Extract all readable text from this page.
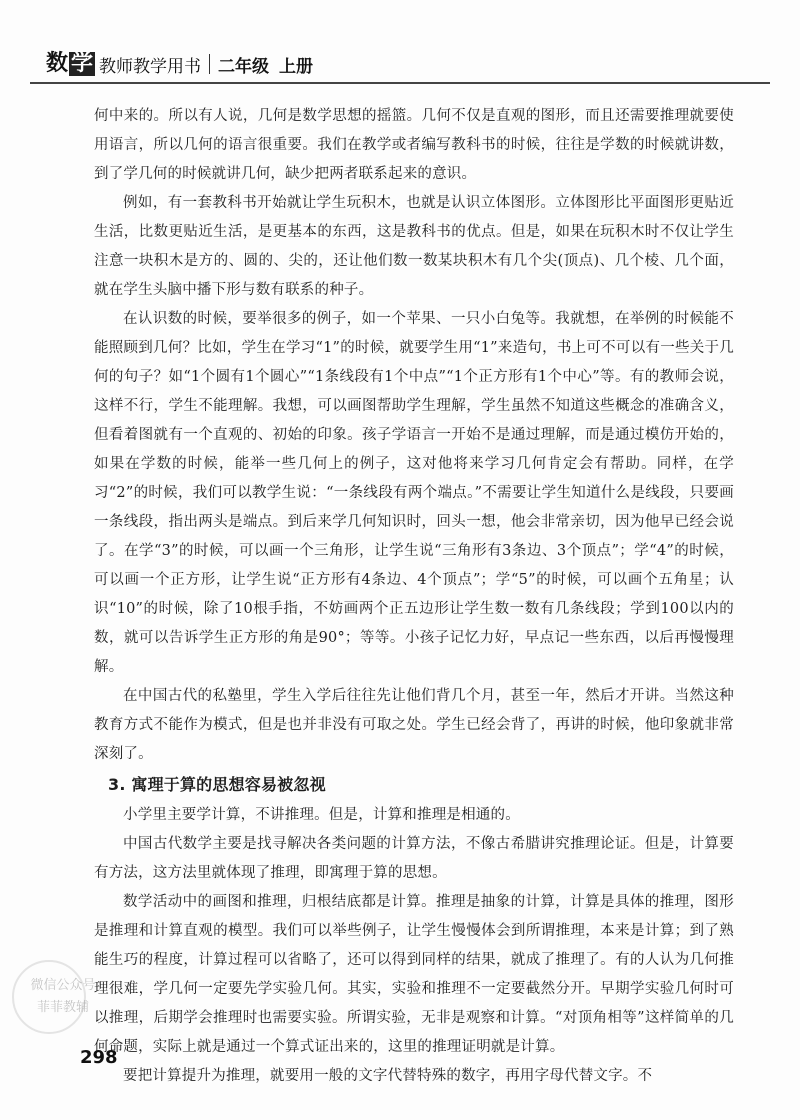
数 学 教师教学用书 二年级 上册

何中来的。所以有人说，几何是数学思想的摇篮。几何不仅是直观的图形，而且还需要推理就要使用语言，所以几何的语言很重要。我们在教学或者编写教科书的时候，往往是学数的时候就讲数，到了学几何的时候就讲几何，缺少把两者联系起来的意识。

例如，有一套教科书开始就让学生玩积木，也就是认识立体图形。立体图形比平面图形更贴近生活，比数更贴近生活，是更基本的东西，这是教科书的优点。但是，如果在玩积木时不仅让学生注意一块积木是方的、圆的、尖的，还让他们数一数某块积木有几个尖(顶点)、几个棱、几个面，就在学生头脑中播下形与数有联系的种子。

在认识数的时候，要举很多的例子，如一个苹果、一只小白兔等。我就想，在举例的时候能不能照顾到几何？比如，学生在学习“1”的时候，就要学生用“1”来造句，书上可不可以有一些关于几何的句子？如“1个圆有1个圆心”“1条线段有1个中点”“1个正方形有1个中心”等。有的教师会说，这样不行，学生不能理解。我想，可以画图帮助学生理解，学生虽然不知道这些概念的准确含义，但看着图就有一个直观的、初始的印象。孩子学语言一开始不是通过理解，而是通过模仿开始的，如果在学数的时候，能举一些几何上的例子，这对他将来学习几何肯定会有帮助。同样，在学习“2”的时候，我们可以教学生说：“一条线段有两个端点。”不需要让学生知道什么是线段，只要画一条线段，指出两头是端点。到后来学几何知识时，回头一想，他会非常亲切，因为他早已经会说了。在学“3”的时候，可以画一个三角形，让学生说“三角形有3条边、3个顶点”；学“4”的时候，可以画一个正方形，让学生说“正方形有4条边、4个顶点”；学“5”的时候，可以画个五角星；认识“10”的时候，除了10根手指，不妨画两个正五边形让学生数一数有几条线段；学到100以内的数，就可以告诉学生正方形的角是90°；等等。小孩子记忆力好，早点记一些东西，以后再慢慢理解。

在中国古代的私塾里，学生入学后往往先让他们背几个月，甚至一年，然后才开讲。当然这种教育方式不能作为模式，但是也并非没有可取之处。学生已经会背了，再讲的时候，他印象就非常深刻了。

3. 寓理于算的思想容易被忽视

小学里主要学计算，不讲推理。但是，计算和推理是相通的。

中国古代数学主要是找寻解决各类问题的计算方法，不像古希腊讲究推理论证。但是，计算要有方法，这方法里就体现了推理，即寓理于算的思想。

数学活动中的画图和推理，归根结底都是计算。推理是抽象的计算，计算是具体的推理，图形是推理和计算直观的模型。我们可以举些例子，让学生慢慢体会到所谓推理，本来是计算；到了熟能生巧的程度，计算过程可以省略了，还可以得到同样的结果，就成了推理了。有的人认为几何推理很难，学几何一定要先学实验几何。其实，实验和推理不一定要截然分开。早期学实验几何时可以推理，后期学会推理时也需要实验。所谓实验，无非是观察和计算。“对顶角相等”这样简单的几何命题，实际上就是通过一个算式证出来的，这里的推理证明就是计算。

要把计算提升为推理，就要用一般的文字代替特殊的数字，再用字母代替文字。不

微信公众号
菲菲教辅
298
